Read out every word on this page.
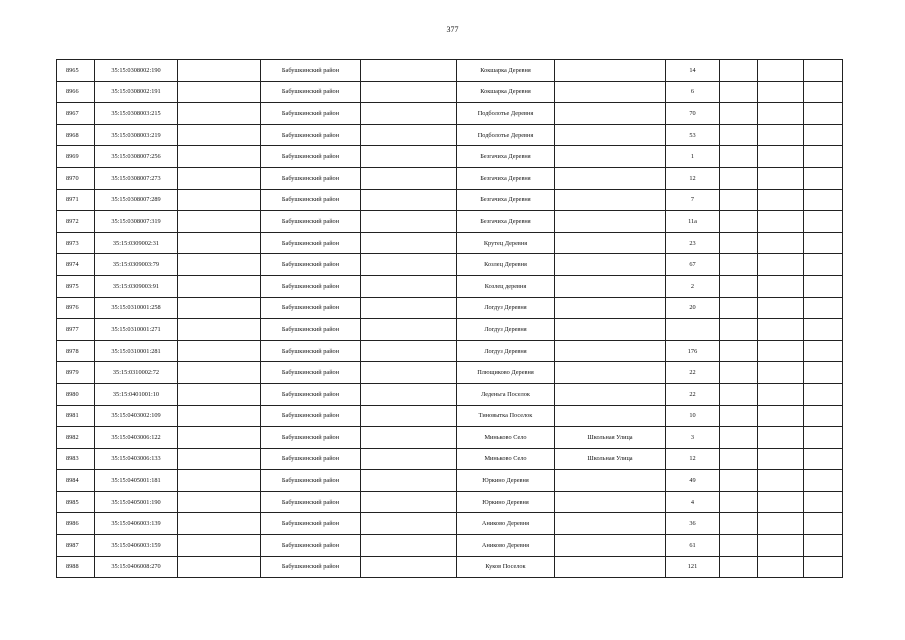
377
8965	35:15:0308002:190		Бабушкинский район		Кокшарка Деревня		14			
8966	35:15:0308002:191		Бабушкинский район		Кокшарка Деревня		6			
8967	35:15:0308003:215		Бабушкинский район		Подболотье Деревня		70			
8968	35:15:0308003:219		Бабушкинский район		Подболотье Деревня		53			
8969	35:15:0308007:256		Бабушкинский район		Безгачиха Деревня		1			
8970	35:15:0308007:273		Бабушкинский район		Безгачиха Деревня		12			
8971	35:15:0308007:289		Бабушкинский район		Безгачиха Деревня		7			
8972	35:15:0308007:319		Бабушкинский район		Безгачиха Деревня		11а			
8973	35:15:0309002:31		Бабушкинский район		Крутец Деревня		23			
8974	35:15:0309003:79		Бабушкинский район		Козлец Деревня		67			
8975	35:15:0309003:91		Бабушкинский район		Козлец деревня		2			
8976	35:15:0310001:258		Бабушкинский район		Логдуз Деревня		20			
8977	35:15:0310001:271		Бабушкинский район		Логдуз Деревня					
8978	35:15:0310001:281		Бабушкинский район		Логдуз Деревня		176			
8979	35:15:0310002:72		Бабушкинский район		Плющиково Деревня		22			
8980	35:15:0401001:10		Бабушкинский район		Леденьга Поселок		22			
8981	35:15:0403002:109		Бабушкинский район		Тиновытка Поселок		10			
8982	35:15:0403006:122		Бабушкинский район		Миньково Село	Школьная Улица	3			
8983	35:15:0403006:133		Бабушкинский район		Миньково Село	Школьная Улица	12			
8984	35:15:0405001:181		Бабушкинский район		Юркино Деревня		49			
8985	35:15:0405001:190		Бабушкинский район		Юркино Деревня		4			
8986	35:15:0406003:139		Бабушкинский район		Аниково Деревня		36			
8987	35:15:0406003:159		Бабушкинский район		Аниково Деревня		61			
8988	35:15:0406008:270		Бабушкинский район		Куков Поселок		121			
